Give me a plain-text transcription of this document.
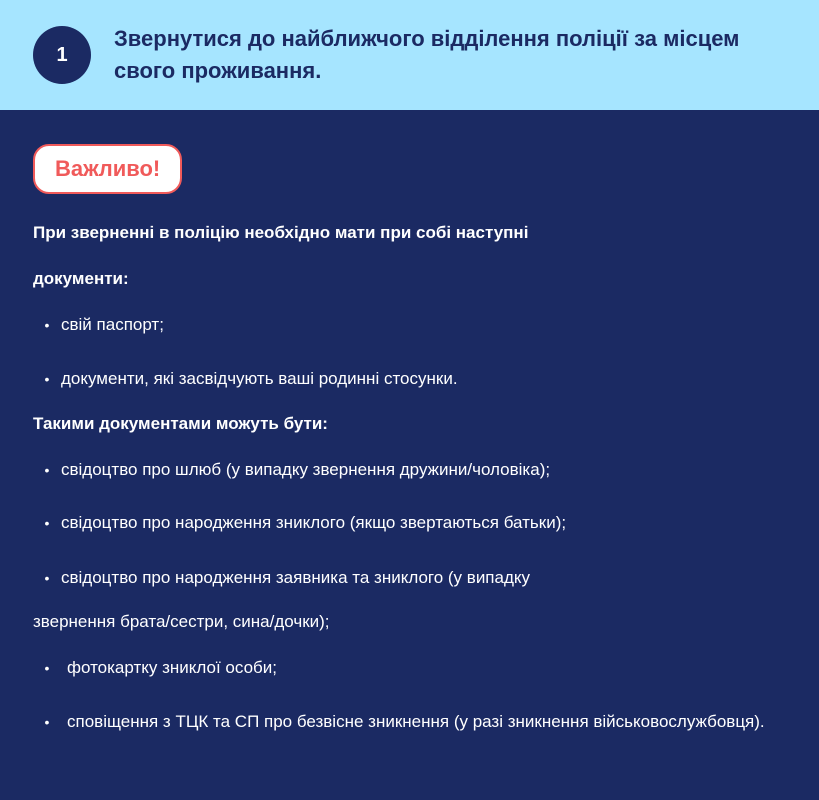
1
Звернутися до найближчого відділення поліції за місцем свого проживання.
Важливо!

При зверненні в поліцію необхідно мати при собі наступні

документи:

• свій паспорт;
• документи, які засвідчують ваші родинні стосунки.

Такими документами можуть бути:

• свідоцтво про шлюб (у випадку звернення дружини/чоловіка);
• свідоцтво про народження зниклого (якщо звертаються батьки);
• свідоцтво про народження заявника та зниклого (у випадку

звернення брата/сестри, сина/дочки);

•	фотокартку зниклої особи;
•	сповіщення з ТЦК та СП про безвісне зникнення (у разі зникнення військовослужбовця).
